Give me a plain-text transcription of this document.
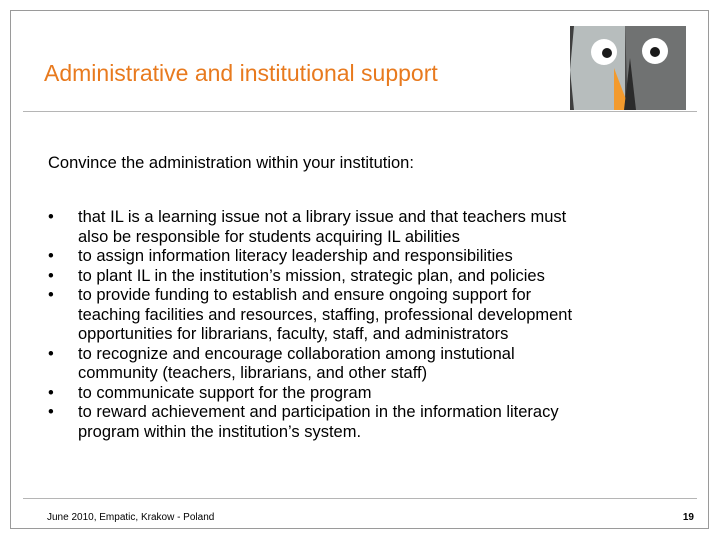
Administrative and institutional support

Convince the administration within your institution:

• that IL is a learning issue not a library issue and that teachers must
also be responsible for students acquiring IL abilities
• to assign information literacy leadership and responsibilities
• to plant IL in the institution’s mission, strategic plan, and policies
• to provide funding to establish and ensure ongoing support for
teaching facilities and resources, staffing, professional development
opportunities for librarians, faculty, staff, and administrators
• to recognize and encourage collaboration among instutional
community (teachers, librarians, and other staff)
• to communicate support for the program
• to reward achievement and participation in the information literacy
program within the institution’s system.
June 2010, Empatic, Krakow - Poland	19
